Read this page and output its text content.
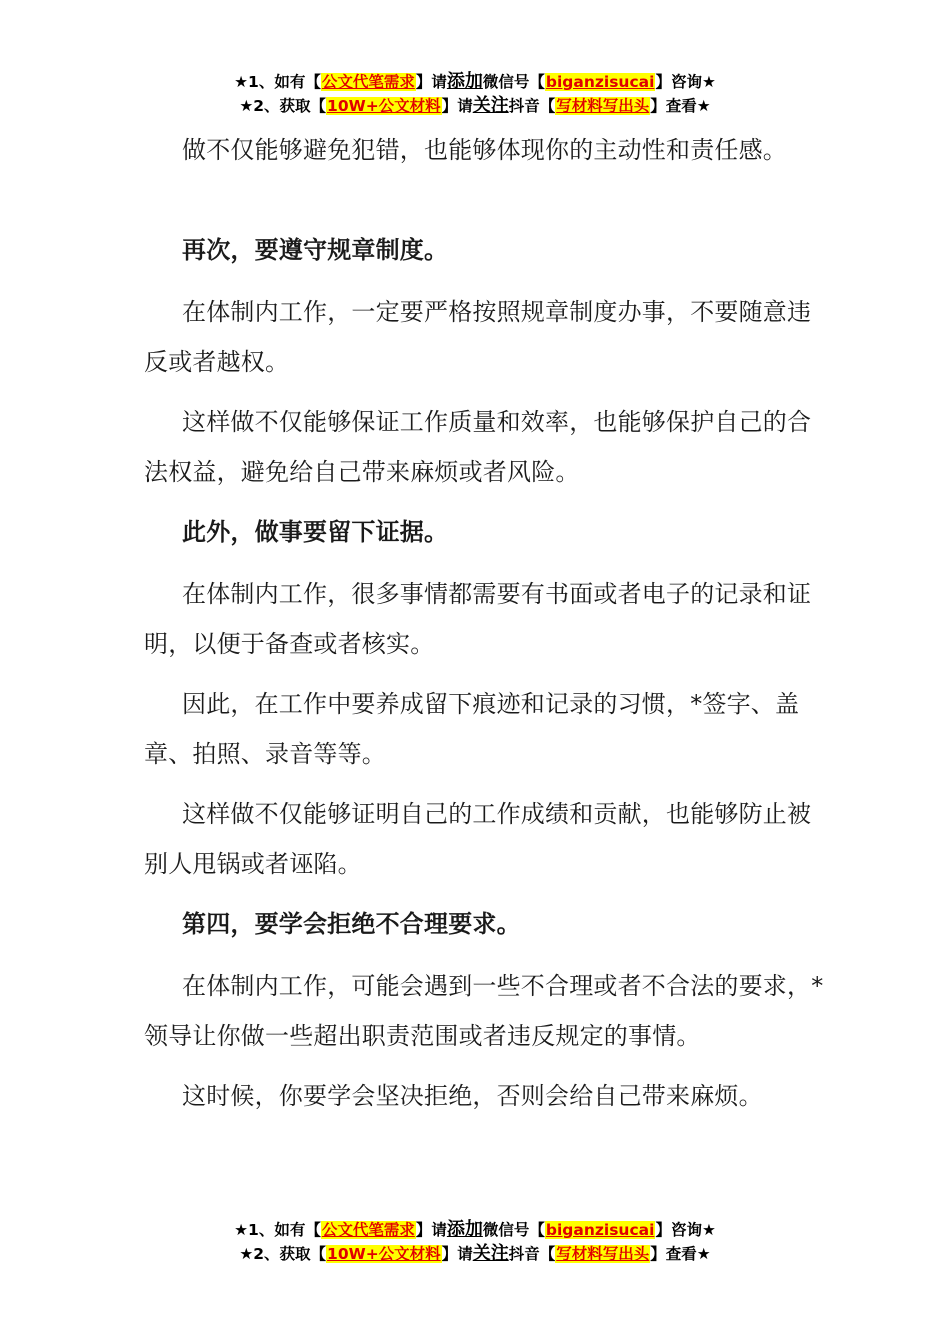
★1、如有【公文代笔需求】请添加微信号【biganzisucai】咨询★
★2、获取【10W+公文材料】请关注抖音【写材料写出头】查看★

做不仅能够避免犯错，也能够体现你的主动性和责任感。

再次，要遵守规章制度。

在体制内工作，一定要严格按照规章制度办事，不要随意违反或者越权。

这样做不仅能够保证工作质量和效率，也能够保护自己的合法权益，避免给自己带来麻烦或者风险。

此外，做事要留下证据。

在体制内工作，很多事情都需要有书面或者电子的记录和证明，以便于备查或者核实。

因此，在工作中要养成留下痕迹和记录的习惯，*签字、盖章、拍照、录音等等。

这样做不仅能够证明自己的工作成绩和贡献，也能够防止被别人甩锅或者诬陷。

第四，要学会拒绝不合理要求。

在体制内工作，可能会遇到一些不合理或者不合法的要求，*领导让你做一些超出职责范围或者违反规定的事情。

这时候，你要学会坚决拒绝，否则会给自己带来麻烦。

★1、如有【公文代笔需求】请添加微信号【biganzisucai】咨询★
★2、获取【10W+公文材料】请关注抖音【写材料写出头】查看★
